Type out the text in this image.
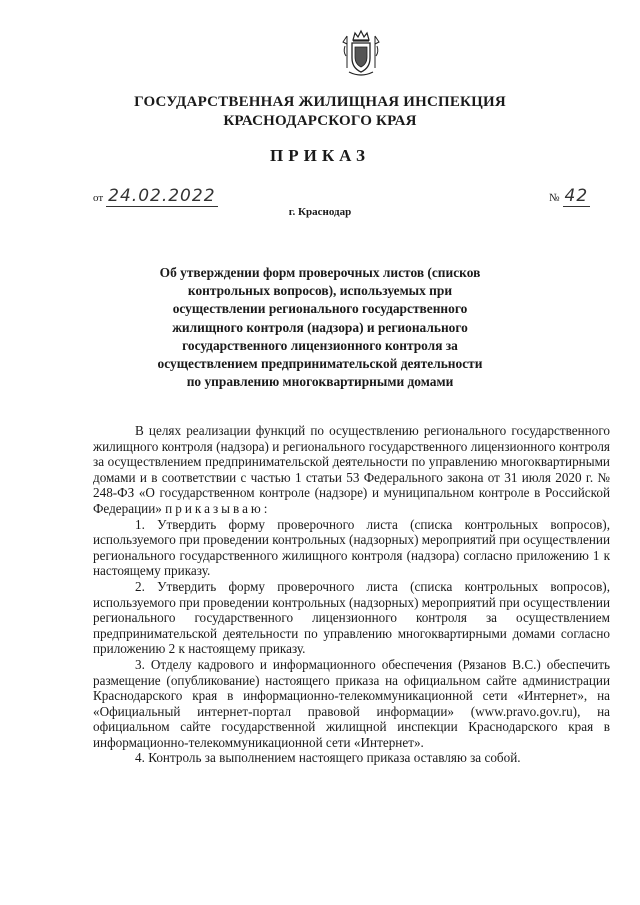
ГОСУДАРСТВЕННАЯ ЖИЛИЩНАЯ ИНСПЕКЦИЯ
КРАСНОДАРСКОГО КРАЯ
ПРИКАЗ
от 24.02.2022	№ 42
г. Краснодар
Об утверждении форм проверочных листов (списков контрольных вопросов), используемых при осуществлении регионального государственного жилищного контроля (надзора) и регионального государственного лицензионного контроля за осуществлением предпринимательской деятельности по управлению многоквартирными домами

В целях реализации функций по осуществлению регионального государственного жилищного контроля (надзора) и регионального государственного лицензионного контроля за осуществлением предпринимательской деятельности по управлению многоквартирными домами и в соответствии с частью 1 статьи 53 Федерального закона от 31 июля 2020 г. № 248-ФЗ «О государственном контроле (надзоре) и муниципальном контроле в Российской Федерации» приказываю:

1. Утвердить форму проверочного листа (списка контрольных вопросов), используемого при проведении контрольных (надзорных) мероприятий при осуществлении регионального государственного жилищного контроля (надзора) согласно приложению 1 к настоящему приказу.

2. Утвердить форму проверочного листа (списка контрольных вопросов), используемого при проведении контрольных (надзорных) мероприятий при осуществлении регионального государственного лицензионного контроля за осуществлением предпринимательской деятельности по управлению многоквартирными домами согласно приложению 2 к настоящему приказу.

3. Отделу кадрового и информационного обеспечения (Рязанов В.С.) обеспечить размещение (опубликование) настоящего приказа на официальном сайте администрации Краснодарского края в информационно-телекоммуникационной сети «Интернет», на «Официальный интернет-портал правовой информации» (www.pravo.gov.ru), на официальном сайте государственной жилищной инспекции Краснодарского края в информационно-телекоммуникационной сети «Интернет».

4. Контроль за выполнением настоящего приказа оставляю за собой.
